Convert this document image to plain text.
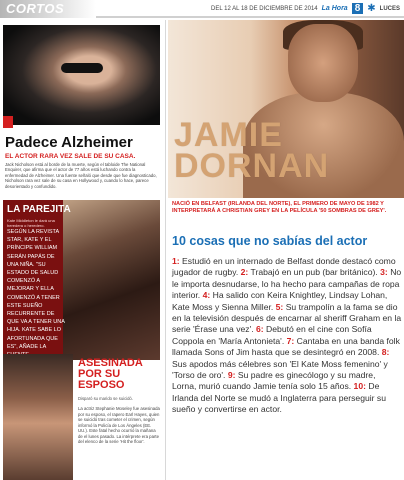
CORTOS	DEL 12 AL 18 DE DICIEMBRE DE 2014 La Hora 8 ✱ LUCES
Padece Alzheimer
EL ACTOR RARA VEZ SALE DE SU CASA.
Jack Nicholson está al borde de la muerte, según el tabloide The National Enquirer, que afirma que el actor de 77 años está luchando contra la enfermedad de Alzheimer. Una fuente señaló que desde que fue diagnosticado, Nicholson rara vez sale de su casa en Hollywood y, cuando lo hace, parece desorientado y confundido.
LA PAREJITA
Kate Middleton le dará una heredera o heredero.
SEGÚN LA REVISTA STAR, KATE Y EL PRÍNCIPE WILLIAM SERÁN PAPÁS DE UNA NIÑA. "SU ESTADO DE SALUD COMENZÓ A MEJORAR Y ELLA COMENZÓ A TENER ESTE SUEÑO RECURRENTE DE QUE VA A TENER UNA HIJA. KATE SABE LO AFORTUNADA QUE ES", AÑADE LA
ASESINADA POR SU ESPOSO
Disparó su marido se suicidó.
La actriz Stephanie Moseley fue asesinada por su esposo, el rapero Earl Hayes, quien se suicidó tras cometer el crimen, según informó la Policía de Los Ángeles (EE. UU.). Este fatal hecho ocurrió la mañana de el lunes pasado. La intérprete era parte del elenco de la serie 'Hit the floor'.
JAMIE
DORNAN
NACIÓ EN BELFAST (IRLANDA DEL NORTE), EL PRIMERO DE MAYO DE 1982 Y INTERPRETARÁ A CHRISTIAN GREY EN LA PELÍCULA '50 SOMBRAS DE GREY'.
10 cosas que no sabías del actor
1: Estudió en un internado de Belfast donde destacó como jugador de rugby. 2: Trabajó en un pub (bar británico). 3: No le importa desnudarse, lo ha hecho para campañas de ropa interior. 4: Ha salido con Keira Knightley, Lindsay Lohan, Kate Moss y Sienna Miller. 5: Su trampolín a la fama se dio en la televisión después de encarnar al sheriff Graham en la serie 'Érase una vez'. 6: Debutó en el cine con Sofía Coppola en 'María Antonieta'. 7: Cantaba en una banda folk llamada Sons of Jim hasta que se desintegró en 2008. 8: Sus apodos más célebres son 'El Kate Moss femenino' y 'Torso de oro'. 9: Su padre es ginecólogo y su madre, Lorna, murió cuando Jamie tenía solo 15 años. 10: De Irlanda del Norte se mudó a Inglaterra para perseguir su sueño y convertirse en actor.
